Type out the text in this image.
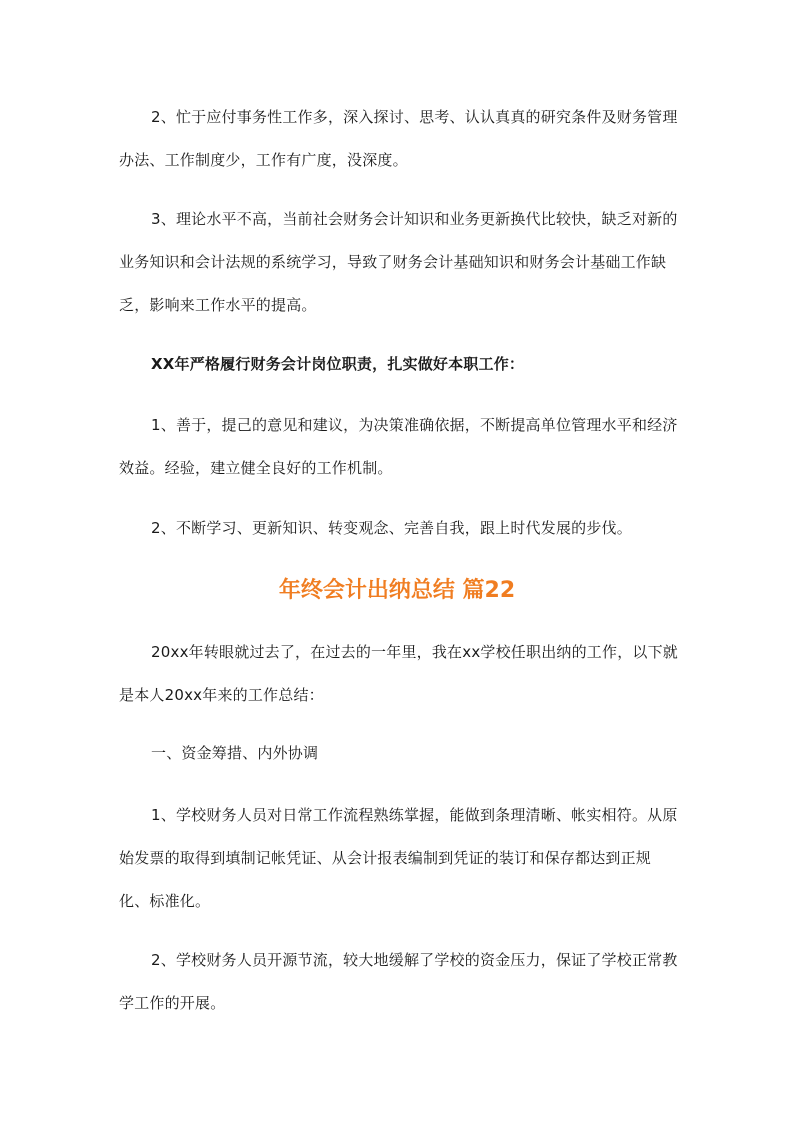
2、忙于应付事务性工作多，深入探讨、思考、认认真真的研究条件及财务管理办法、工作制度少，工作有广度，没深度。

3、理论水平不高，当前社会财务会计知识和业务更新换代比较快，缺乏对新的业务知识和会计法规的系统学习，导致了财务会计基础知识和财务会计基础工作缺乏，影响来工作水平的提高。

XX年严格履行财务会计岗位职责，扎实做好本职工作：

1、善于，提己的意见和建议，为决策准确依据，不断提高单位管理水平和经济效益。经验，建立健全良好的工作机制。

2、不断学习、更新知识、转变观念、完善自我，跟上时代发展的步伐。

年终会计出纳总结 篇22

20xx年转眼就过去了，在过去的一年里，我在xx学校任职出纳的工作，以下就是本人20xx年来的工作总结：

一、资金筹措、内外协调

1、学校财务人员对日常工作流程熟练掌握，能做到条理清晰、帐实相符。从原始发票的取得到填制记帐凭证、从会计报表编制到凭证的装订和保存都达到正规化、标准化。

2、学校财务人员开源节流，较大地缓解了学校的资金压力，保证了学校正常教学工作的开展。
